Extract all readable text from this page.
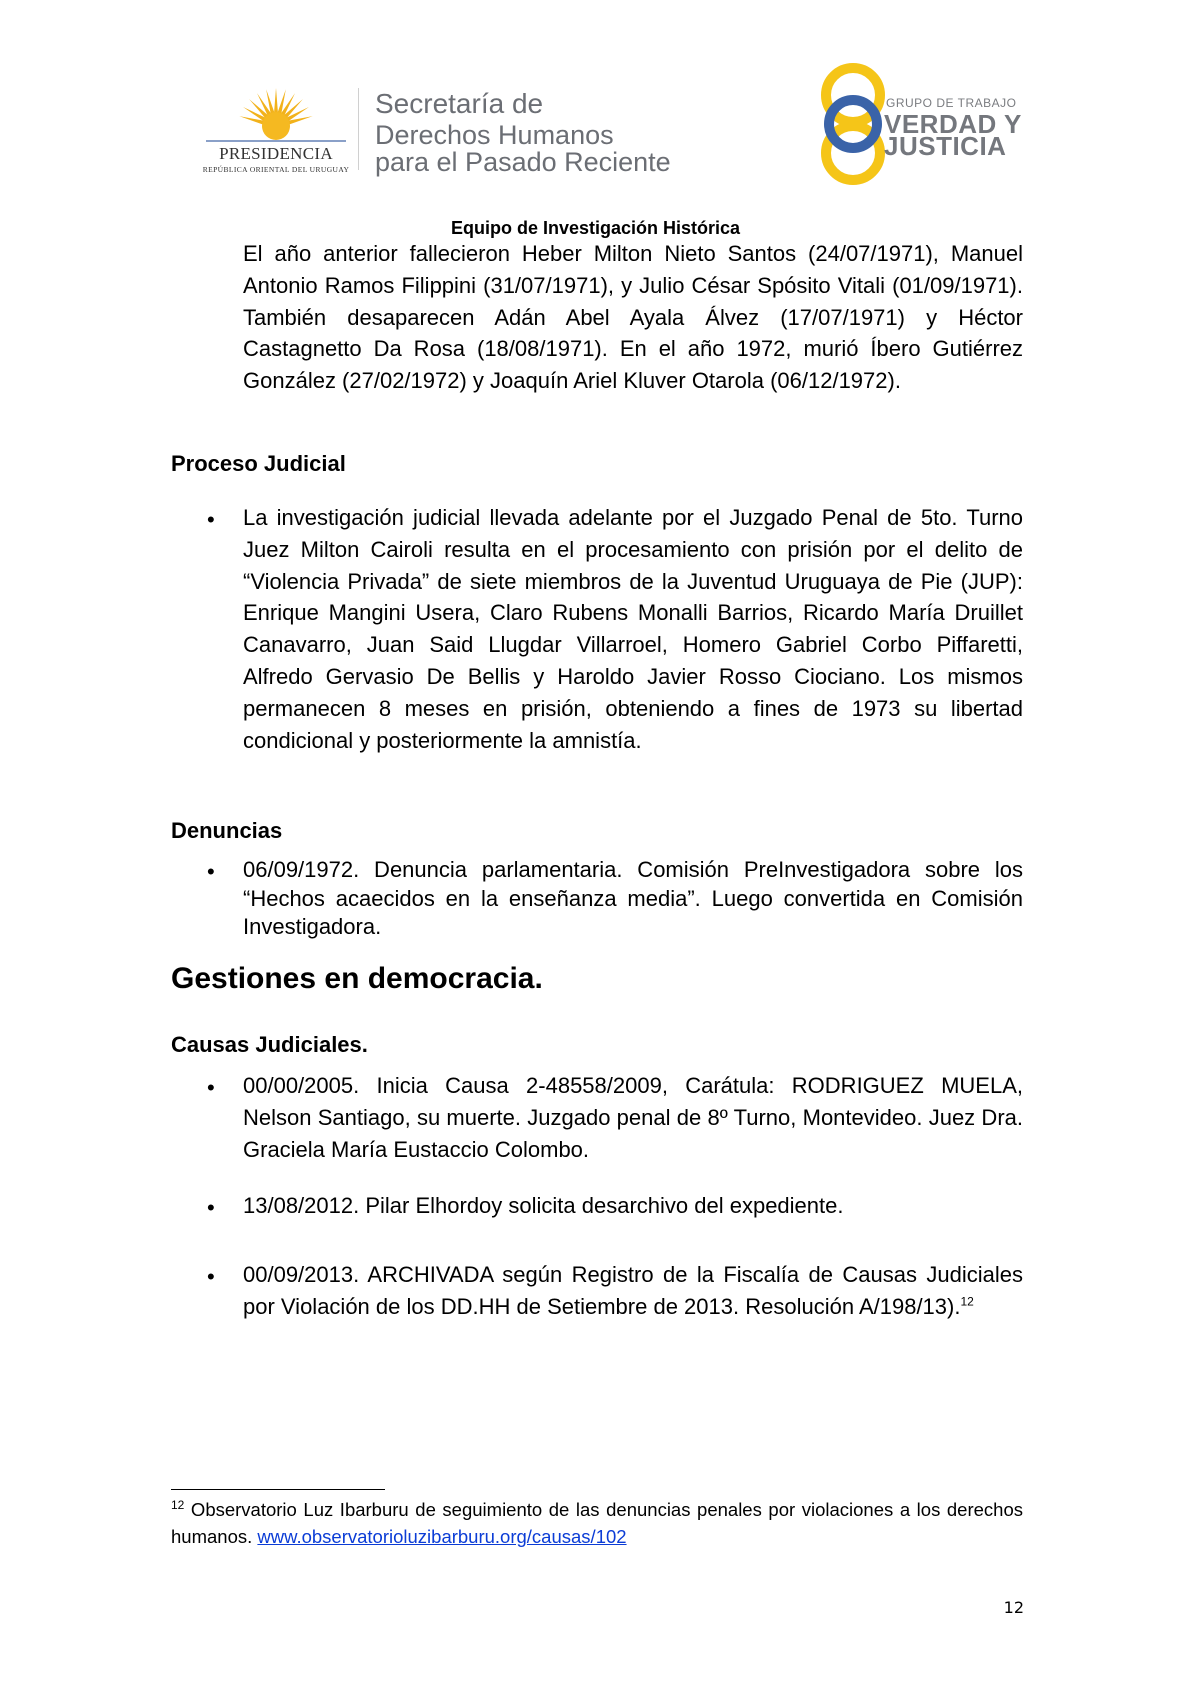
PRESIDENCIA
REPÚBLICA ORIENTAL DEL URUGUAY
Secretaría de
Derechos Humanos
para el Pasado Reciente
GRUPO DE TRABAJO
VERDAD Y
JUSTICIA
Equipo de Investigación Histórica
El año anterior fallecieron Heber Milton Nieto Santos (24/07/1971), Manuel Antonio Ramos Filippini (31/07/1971), y Julio César Spósito Vitali (01/09/1971). También desaparecen Adán Abel Ayala Álvez (17/07/1971) y Héctor Castagnetto Da Rosa (18/08/1971). En el año 1972, murió Íbero Gutiérrez González (27/02/1972) y Joaquín Ariel Kluver Otarola (06/12/1972).
Proceso Judicial
• La investigación judicial llevada adelante por el Juzgado Penal de 5to. Turno Juez Milton Cairoli resulta en el procesamiento con prisión por el delito de “Violencia Privada” de siete miembros de la Juventud Uruguaya de Pie (JUP): Enrique Mangini Usera, Claro Rubens Monalli Barrios, Ricardo María Druillet Canavarro, Juan Said Llugdar Villarroel, Homero Gabriel Corbo Piffaretti, Alfredo Gervasio De Bellis y Haroldo Javier Rosso Ciociano. Los mismos permanecen 8 meses en prisión, obteniendo a fines de 1973 su libertad condicional y posteriormente la amnistía.
Denuncias
• 06/09/1972. Denuncia parlamentaria. Comisión PreInvestigadora sobre los “Hechos acaecidos en la enseñanza media”. Luego convertida en Comisión Investigadora.
Gestiones en democracia.
Causas Judiciales.
• 00/00/2005. Inicia Causa 2-48558/2009, Carátula: RODRIGUEZ MUELA, Nelson Santiago, su muerte. Juzgado penal de 8º Turno, Montevideo. Juez Dra. Graciela María Eustaccio Colombo.
• 13/08/2012. Pilar Elhordoy solicita desarchivo del expediente.
• 00/09/2013. ARCHIVADA según Registro de la Fiscalía de Causas Judiciales por Violación de los DD.HH de Setiembre de 2013. Resolución A/198/13).$^{12}$
$^{12}$ Observatorio Luz Ibarburu de seguimiento de las denuncias penales por violaciones a los derechos humanos. www.observatorioluzibarburu.org/causas/102
12
